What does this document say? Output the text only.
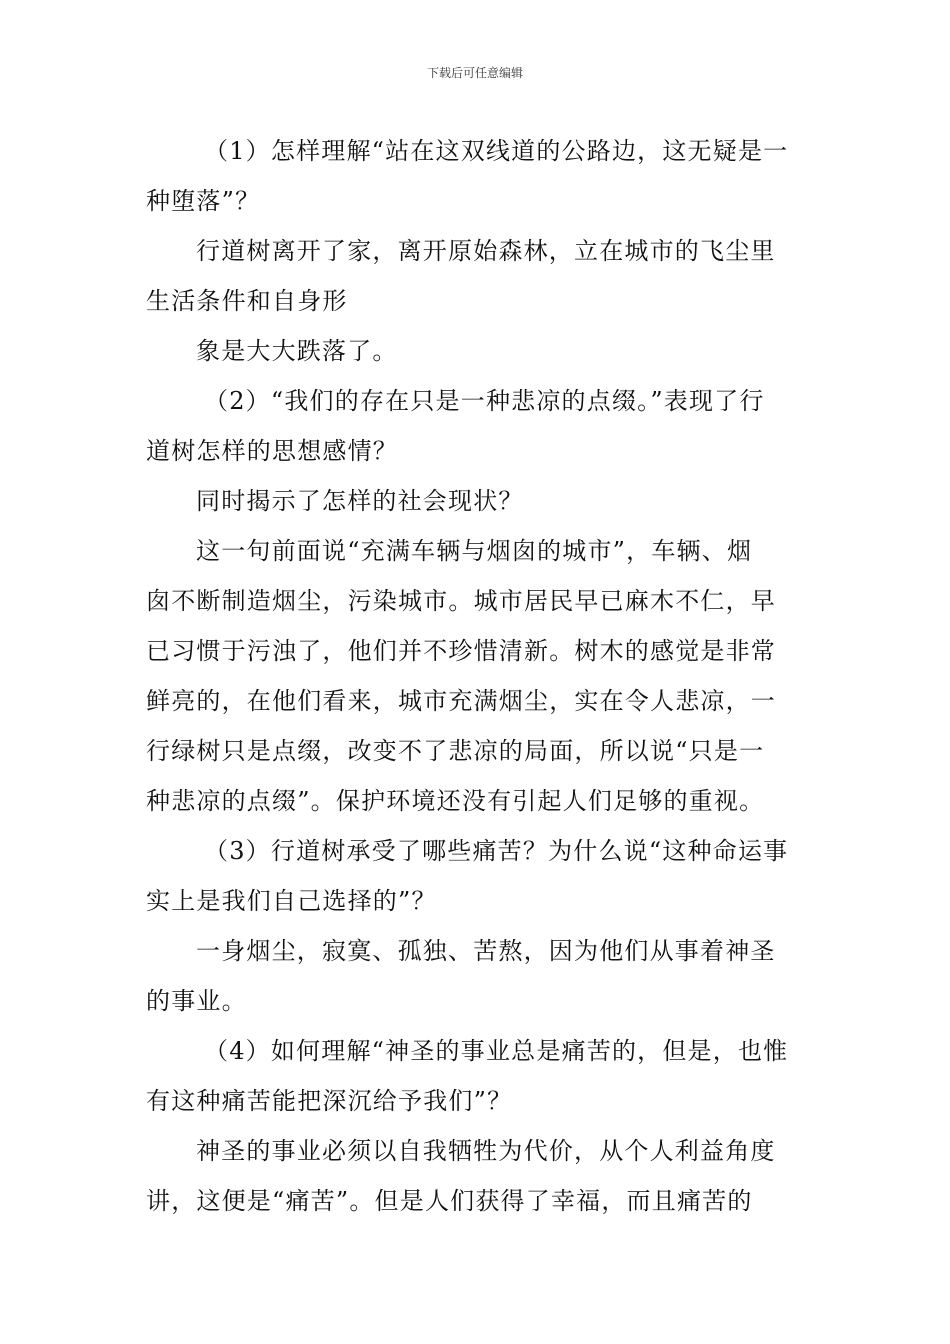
下载后可任意编辑
（1）怎样理解“站在这双线道的公路边，这无疑是一
种堕落”？
行道树离开了家，离开原始森林，立在城市的飞尘里
生活条件和自身形
象是大大跌落了。
（2）“我们的存在只是一种悲凉的点缀。”表现了行
道树怎样的思想感情？
同时揭示了怎样的社会现状？
这一句前面说“充满车辆与烟囱的城市”，车辆、烟
囱不断制造烟尘，污染城市。城市居民早已麻木不仁，早
已习惯于污浊了，他们并不珍惜清新。树木的感觉是非常
鲜亮的，在他们看来，城市充满烟尘，实在令人悲凉，一
行绿树只是点缀，改变不了悲凉的局面，所以说“只是一
种悲凉的点缀”。保护环境还没有引起人们足够的重视。
（3）行道树承受了哪些痛苦？为什么说“这种命运事
实上是我们自己选择的”？
一身烟尘，寂寞、孤独、苦熬，因为他们从事着神圣
的事业。
（4）如何理解“神圣的事业总是痛苦的，但是，也惟
有这种痛苦能把深沉给予我们”？
神圣的事业必须以自我牺牲为代价，从个人利益角度
讲，这便是“痛苦”。但是人们获得了幸福，而且痛苦的
